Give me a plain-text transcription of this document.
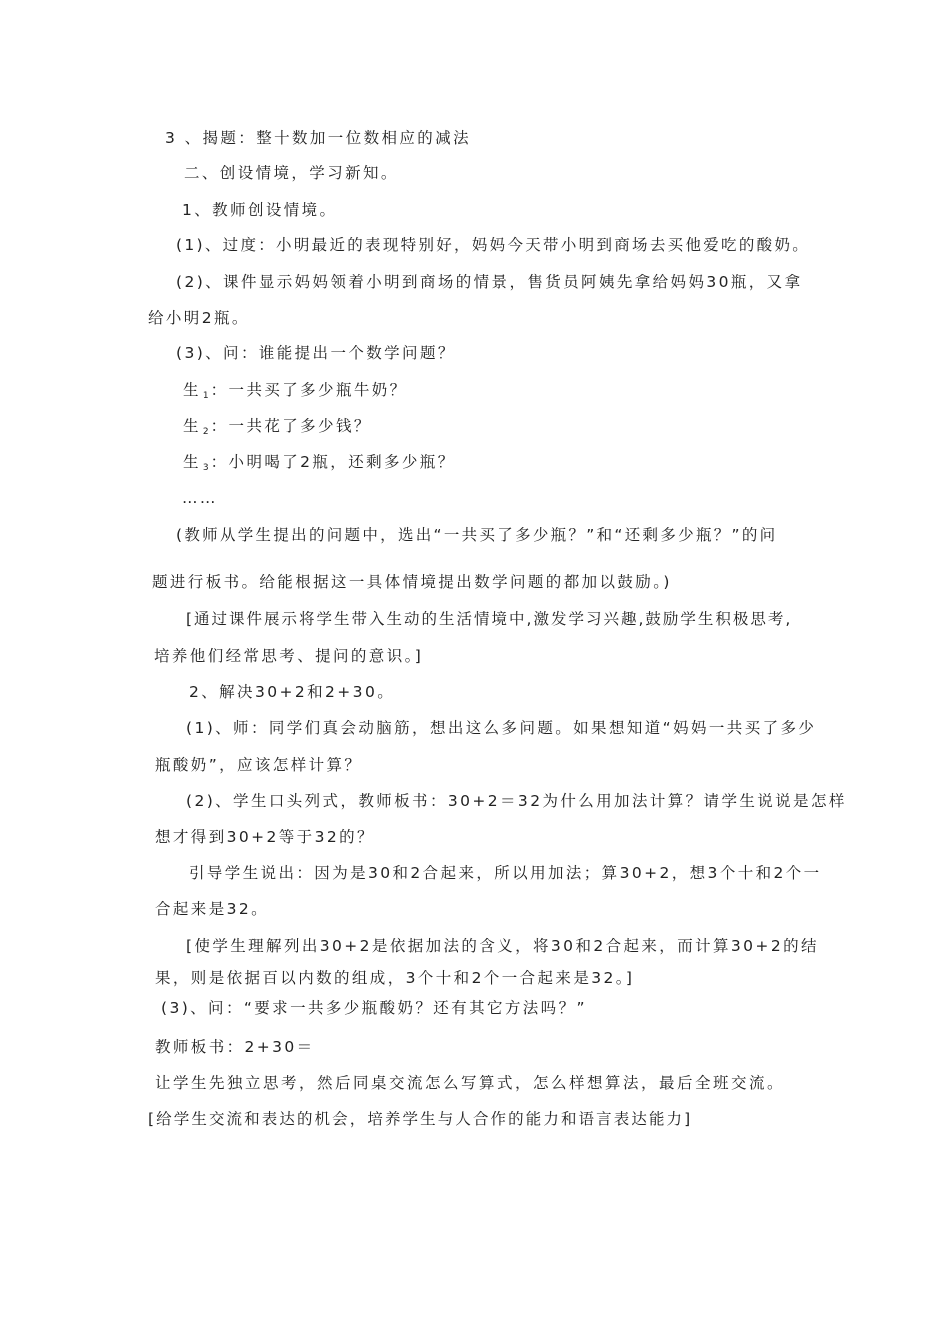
3 、揭题：整十数加一位数相应的减法
二、创设情境，学习新知。
1、教师创设情境。
(1)、过度：小明最近的表现特别好，妈妈今天带小明到商场去买他爱吃的酸奶。
(2)、课件显示妈妈领着小明到商场的情景，售货员阿姨先拿给妈妈30瓶，又拿
给小明2瓶。
(3)、问：谁能提出一个数学问题？
生 $_1$ ：一共买了多少瓶牛奶？
生 $_2$ ：一共花了多少钱？
生 $_3$ ：小明喝了2瓶，还剩多少瓶？
……
(教师从学生提出的问题中，选出“一共买了多少瓶？”和“还剩多少瓶？”的问
题进行板书。给能根据这一具体情境提出数学问题的都加以鼓励。)
[通过课件展示将学生带入生动的生活情境中,激发学习兴趣,鼓励学生积极思考,
培养他们经常思考、提问的意识。]
2、解决30+2和2+30。
(1)、师：同学们真会动脑筋，想出这么多问题。如果想知道“妈妈一共买了多少
瓶酸奶”，应该怎样计算？
(2)、学生口头列式，教师板书：30+2＝32为什么用加法计算？请学生说说是怎样
想才得到30+2等于32的？
引导学生说出：因为是30和2合起来，所以用加法；算30+2，想3个十和2个一
合起来是32。
[使学生理解列出30+2是依据加法的含义，将30和2合起来，而计算30+2的结
果，则是依据百以内数的组成，3个十和2个一合起来是32。]
(3)、问：“要求一共多少瓶酸奶？还有其它方法吗？”
教师板书：2+30＝
让学生先独立思考，然后同桌交流怎么写算式，怎么样想算法，最后全班交流。
[给学生交流和表达的机会，培养学生与人合作的能力和语言表达能力]
